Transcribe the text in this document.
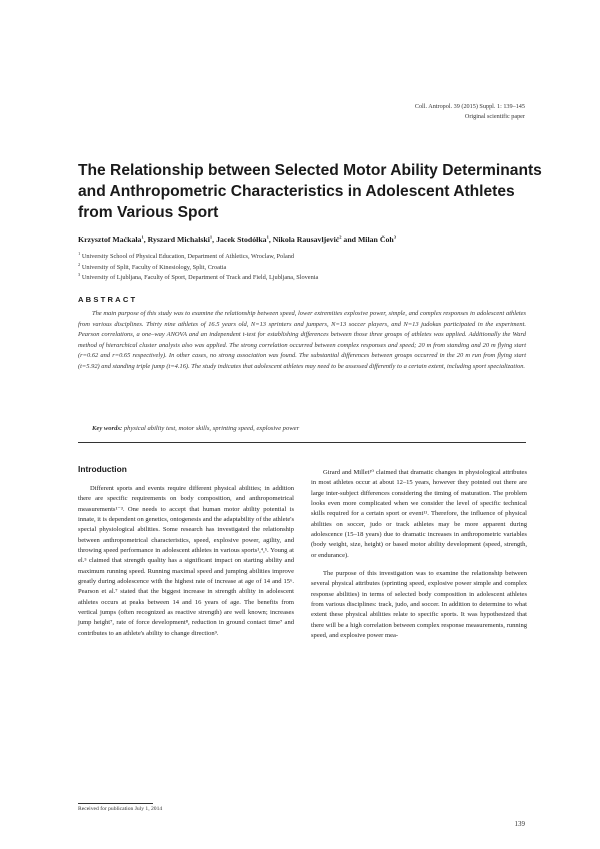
Coll. Antropol. 39 (2015) Suppl. 1: 139–145
Original scientific paper
The Relationship between Selected Motor Ability Determinants and Anthropometric Characteristics in Adolescent Athletes from Various Sport
Krzysztof Maćkała$^1$, Ryszard Michalski$^1$, Jacek Stodółka$^1$, Nikola Rausavljević$^2$ and Milan Čoh$^3$
$^1$ University School of Physical Education, Department of Athletics, Wroclaw, Poland
$^2$ University of Split, Faculty of Kinesiology, Split, Croatia
$^3$ University of Ljubljana, Faculty of Sport, Department of Track and Field, Ljubljana, Slovenia
ABSTRACT

The main purpose of this study was to examine the relationship between speed, lower extremities explosive power, simple, and complex responses in adolescent athletes from various disciplines. Thirty nine athletes of 16.5 years old, N=13 sprinters and jumpers, N=13 soccer players, and N=13 judokas participated in the experiment. Pearson correlations, a one–way ANOVA and an independent t-test for establishing differences between those three groups of athletes was applied. Additionally the Ward method of hierarchical cluster analysis also was applied. The strong correlation occurred between complex responses and speed; 20 m from standing and 20 m flying start (r=0.62 and r=0.65 respectively). In other cases, no strong association was found. The substantial differences between groups occurred in the 20 m run from flying start (t=5.92) and standing triple jump (t=4.16). The study indicates that adolescent athletes may need to be assessed differently to a certain extent, including sport specialization.

Key words: physical ability test, motor skills, sprinting speed, explosive power
Introduction

Different sports and events require different physical abilities; in addition there are specific requirements on body composition, and anthropometrical measurements¹⁻³. One needs to accept that human motor ability potential is innate, it is dependent on genetics, ontogenesis and the adaptability of the athlete's special physiological abilities. Some research has investigated the relationship between anthropometrical characteristics, speed, explosive power, agility, and throwing speed performance in adolescent athletes in various sports¹,⁴,⁵. Young at el.⁵ claimed that strength quality has a significant impact on starting ability and maximum running speed. Running maximal speed and jumping abilities improve greatly during adolescence with the highest rate of increase at age of 14 and 15⁶. Pearson et al.⁷ stated that the biggest increase in strength ability in adolescent athletes occurs at peaks between 14 and 16 years of age. The benefits from vertical jumps (often recognized as reactive strength) are well known; increases jump height⁷, rate of force development⁸, reduction in ground contact time⁷ and contributes to an athlete's ability to change direction⁹.

Girard and Millet¹⁰ claimed that dramatic changes in physiological attributes in most athletes occur at about 12–15 years, however they pointed out there are large inter-subject differences considering the timing of maturation. The problem looks even more complicated when we consider the level of specific technical skills required for a certain sport or event¹¹. Therefore, the influence of physical abilities on soccer, judo or track athletes may be more apparent during adolescence (15–18 years) due to dramatic increases in anthropometric variables (body weight, size, height) or based motor ability development (speed, strength, or endurance).

The purpose of this investigation was to examine the relationship between several physical attributes (sprinting speed, explosive power simple and complex response abilities) in terms of selected body composition in adolescent athletes from various disciplines: track, judo, and soccer. In addition to determine to what extent these physical abilities relate to specific sports. It was hypothesized that there will be a high correlation between complex response measurements, running speed, and explosive power mea-

Received for publication July 1, 2014
139
